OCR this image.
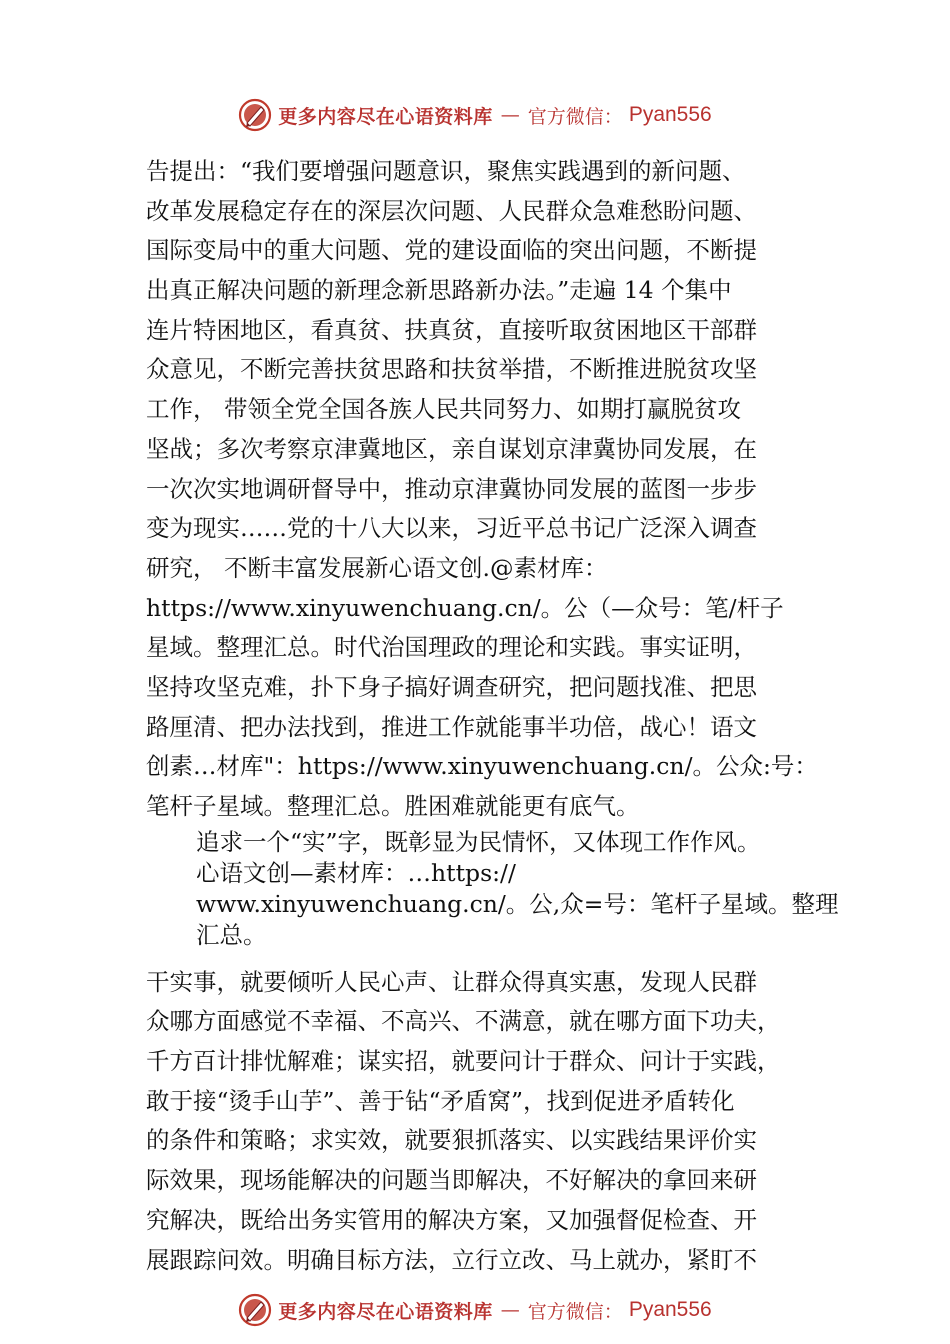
更多内容尽在心语资料库 — 官方微信： Pyan556
告提出：“我们要增强问题意识，聚焦实践遇到的新问题、
改革发展稳定存在的深层次问题、人民群众急难愁盼问题、
国际变局中的重大问题、党的建设面临的突出问题，不断提
出真正解决问题的新理念新思路新办法。”走遍 14 个集中
连片特困地区，看真贫、扶真贫，直接听取贫困地区干部群
众意见，不断完善扶贫思路和扶贫举措，不断推进脱贫攻坚
工作， 带领全党全国各族人民共同努力、如期打赢脱贫攻
坚战；多次考察京津冀地区，亲自谋划京津冀协同发展，在
一次次实地调研督导中，推动京津冀协同发展的蓝图一步步
变为现实……党的十八大以来，习近平总书记广泛深入调查
研究， 不断丰富发展新心语文创.@素材库：
https://www.xinyuwenchuang.cn/。公（—众号：笔/杆子
星域。整理汇总。时代治国理政的理论和实践。事实证明，
坚持攻坚克难，扑下身子搞好调查研究，把问题找准、把思
路厘清、把办法找到，推进工作就能事半功倍，战心！语文
创素…材库"：https://www.xinyuwenchuang.cn/。公众:号：
笔杆子星域。整理汇总。胜困难就能更有底气。
追求一个“实”字，既彰显为民情怀，又体现工作作风。
心语文创—素材库：…https://
www.xinyuwenchuang.cn/。公,众=号：笔杆子星域。整理
汇总。
干实事，就要倾听人民心声、让群众得真实惠，发现人民群
众哪方面感觉不幸福、不高兴、不满意，就在哪方面下功夫，
千方百计排忧解难；谋实招，就要问计于群众、问计于实践，
敢于接“烫手山芋”、善于钻“矛盾窝”，找到促进矛盾转化
的条件和策略；求实效，就要狠抓落实、以实践结果评价实
际效果，现场能解决的问题当即解决，不好解决的拿回来研
究解决，既给出务实管用的解决方案，又加强督促检查、开
展跟踪问效。明确目标方法，立行立改、马上就办，紧盯不
更多内容尽在心语资料库 — 官方微信： Pyan556
